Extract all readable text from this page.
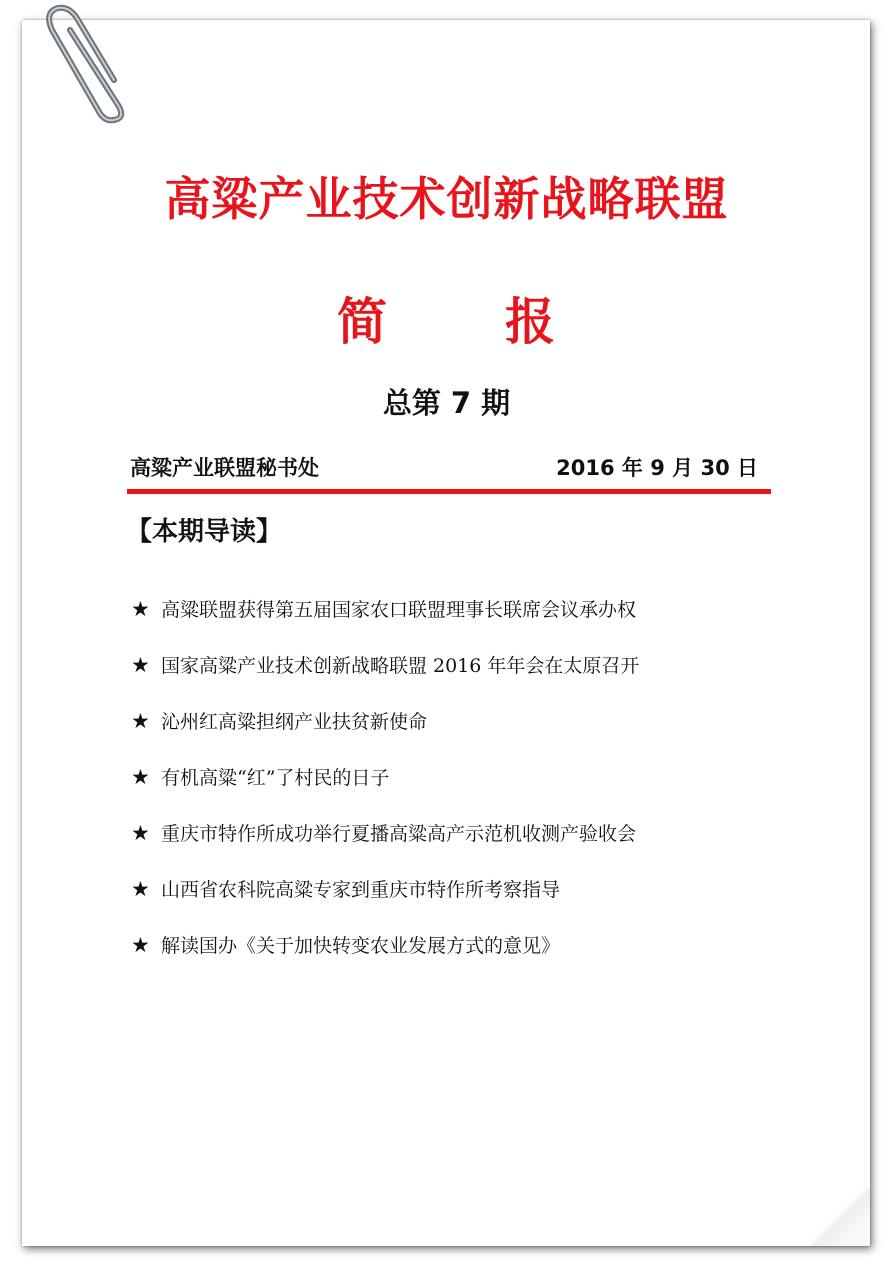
高粱产业技术创新战略联盟
简 报
总第 7 期
高粱产业联盟秘书处	2016 年 9 月 30 日
【本期导读】
★ 高粱联盟获得第五届国家农口联盟理事长联席会议承办权
★ 国家高粱产业技术创新战略联盟 2016 年年会在太原召开
★ 沁州红高粱担纲产业扶贫新使命
★ 有机高粱“红”了村民的日子
★ 重庆市特作所成功举行夏播高粱高产示范机收测产验收会
★ 山西省农科院高粱专家到重庆市特作所考察指导
★ 解读国办《关于加快转变农业发展方式的意见》
